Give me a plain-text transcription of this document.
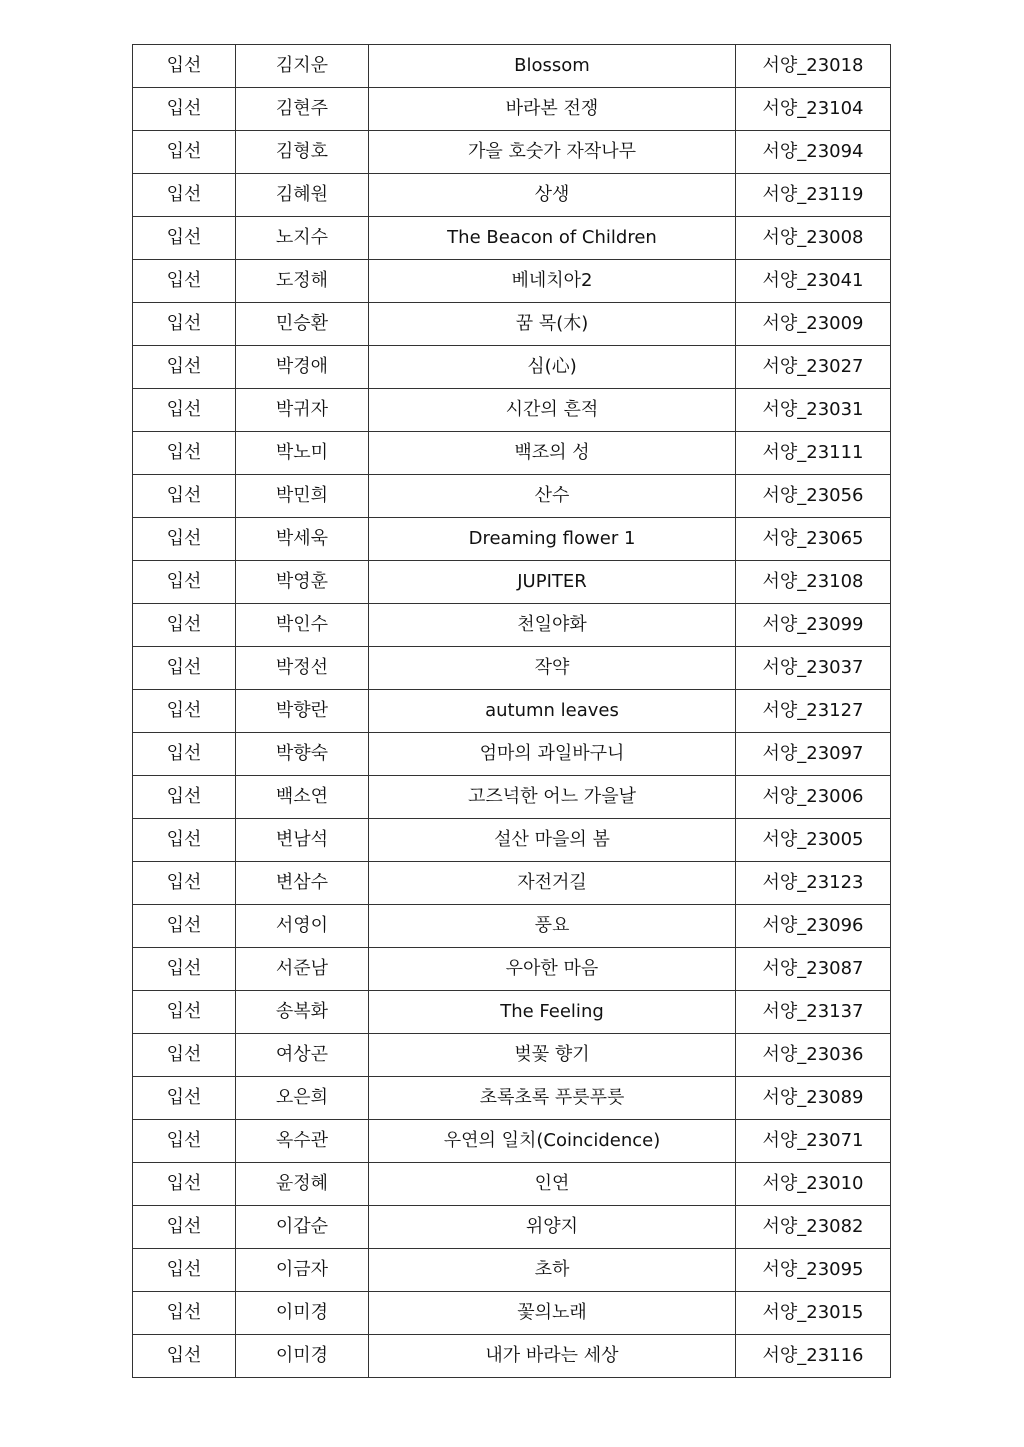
입선	김지운	Blossom	서양_23018
입선	김현주	바라본 전쟁	서양_23104
입선	김형호	가을 호숫가 자작나무	서양_23094
입선	김혜원	상생	서양_23119
입선	노지수	The Beacon of Children	서양_23008
입선	도정해	베네치아2	서양_23041
입선	민승환	꿈 목(木)	서양_23009
입선	박경애	심(心)	서양_23027
입선	박귀자	시간의 흔적	서양_23031
입선	박노미	백조의 성	서양_23111
입선	박민희	산수	서양_23056
입선	박세욱	Dreaming flower 1	서양_23065
입선	박영훈	JUPITER	서양_23108
입선	박인수	천일야화	서양_23099
입선	박정선	작약	서양_23037
입선	박향란	autumn leaves	서양_23127
입선	박향숙	엄마의 과일바구니	서양_23097
입선	백소연	고즈넉한 어느 가을날	서양_23006
입선	변남석	설산 마을의 봄	서양_23005
입선	변삼수	자전거길	서양_23123
입선	서영이	풍요	서양_23096
입선	서준남	우아한 마음	서양_23087
입선	송복화	The Feeling	서양_23137
입선	여상곤	벚꽃 향기	서양_23036
입선	오은희	초록초록 푸릇푸릇	서양_23089
입선	옥수관	우연의 일치(Coincidence)	서양_23071
입선	윤정혜	인연	서양_23010
입선	이갑순	위양지	서양_23082
입선	이금자	초하	서양_23095
입선	이미경	꽃의노래	서양_23015
입선	이미경	내가 바라는 세상	서양_23116
